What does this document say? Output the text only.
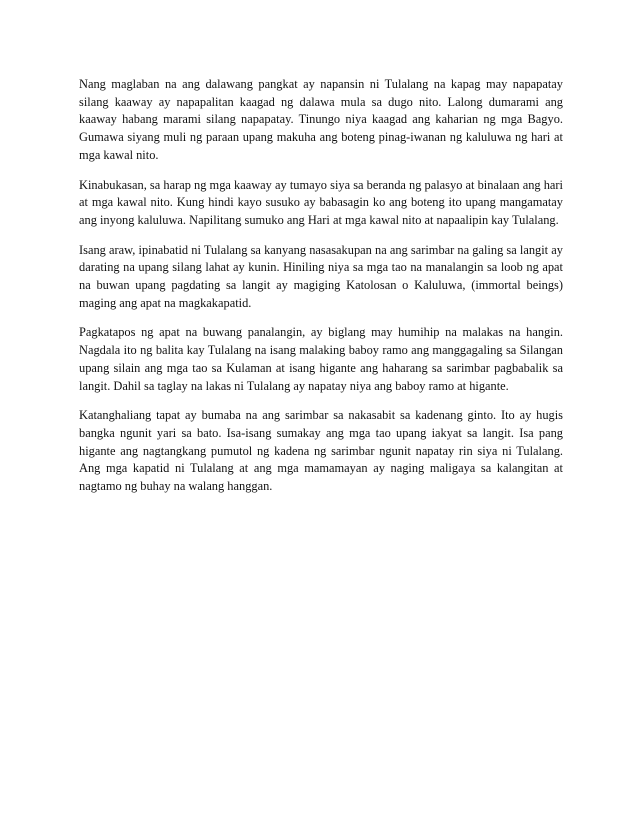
Nang maglaban na ang dalawang pangkat ay napansin ni Tulalang na kapag may napapatay silang kaaway ay napapalitan kaagad ng dalawa mula sa dugo nito. Lalong dumarami ang kaaway habang marami silang napapatay. Tinungo niya kaagad ang kaharian ng mga Bagyo. Gumawa siyang muli ng paraan upang makuha ang boteng pinag-iwanan ng kaluluwa ng hari at mga kawal nito.

Kinabukasan, sa harap ng mga kaaway ay tumayo siya sa beranda ng palasyo at binalaan ang hari at mga kawal nito. Kung hindi kayo susuko ay babasagin ko ang boteng ito upang mangamatay ang inyong kaluluwa. Napilitang sumuko ang Hari at mga kawal nito at napaalipin kay Tulalang.

Isang araw, ipinabatid ni Tulalang sa kanyang nasasakupan na ang sarimbar na galing sa langit ay darating na upang silang lahat ay kunin. Hiniling niya sa mga tao na manalangin sa loob ng apat na buwan upang pagdating sa langit ay magiging Katolosan o Kaluluwa, (immortal beings) maging ang apat na magkakapatid.

Pagkatapos ng apat na buwang panalangin, ay biglang may humihip na malakas na hangin. Nagdala ito ng balita kay Tulalang na isang malaking baboy ramo ang manggagaling sa Silangan upang silain ang mga tao sa Kulaman at isang higante ang haharang sa sarimbar pagbabalik sa langit. Dahil sa taglay na lakas ni Tulalang ay napatay niya ang baboy ramo at higante.

Katanghaliang tapat ay bumaba na ang sarimbar sa nakasabit sa kadenang ginto. Ito ay hugis bangka ngunit yari sa bato. Isa-isang sumakay ang mga tao upang iakyat sa langit. Isa pang higante ang nagtangkang pumutol ng kadena ng sarimbar ngunit napatay rin siya ni Tulalang. Ang mga kapatid ni Tulalang at ang mga mamamayan ay naging maligaya sa kalangitan at nagtamo ng buhay na walang hanggan.
